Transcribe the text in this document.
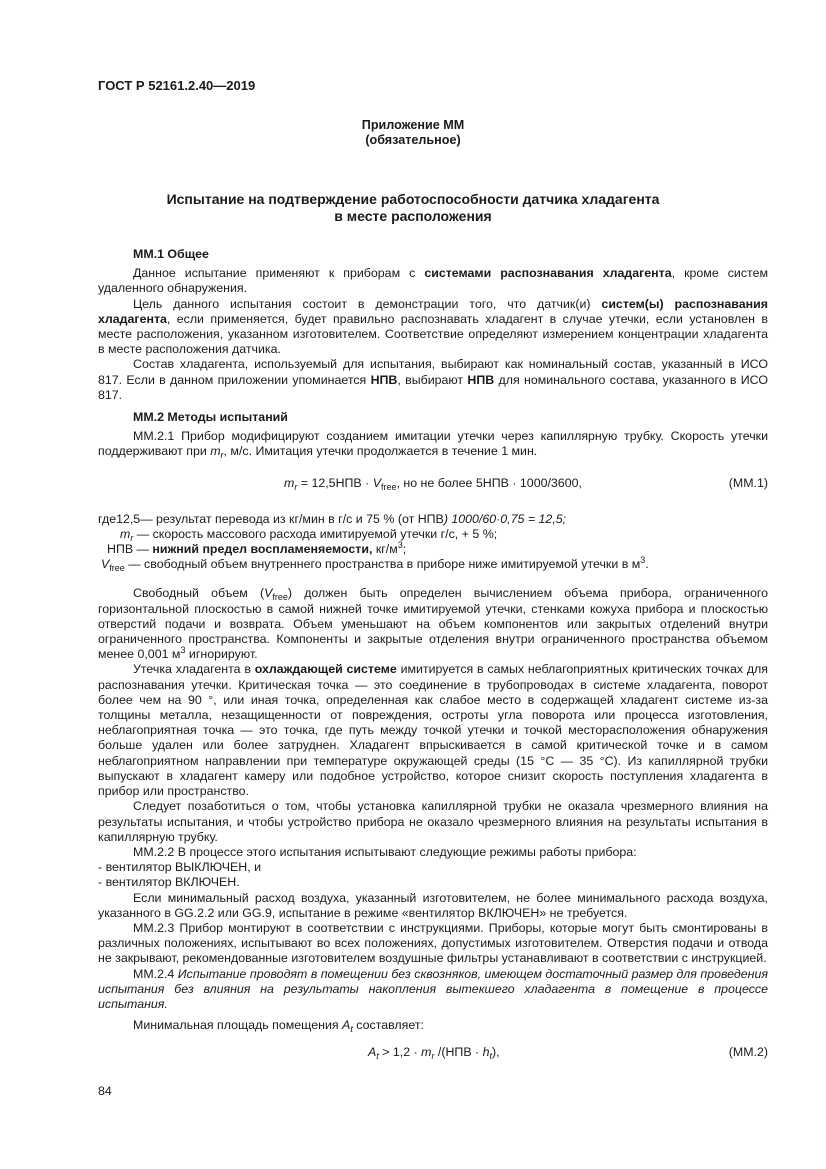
ГОСТ Р 52161.2.40—2019
Приложение ММ
(обязательное)
Испытание на подтверждение работоспособности датчика хладагента
в месте расположения

ММ.1 Общее

Данное испытание применяют к приборам с системами распознавания хладагента, кроме систем удаленного обнаружения.

Цель данного испытания состоит в демонстрации того, что датчик(и) систем(ы) распознавания хладагента, если применяется, будет правильно распознавать хладагент в случае утечки, если установлен в месте расположения, указанном изготовителем. Соответствие определяют измерением концентрации хладагента в месте расположения датчика.

Состав хладагента, используемый для испытания, выбирают как номинальный состав, указанный в ИСО 817. Если в данном приложении упоминается НПВ, выбирают НПВ для номинального состава, указанного в ИСО 817.

ММ.2 Методы испытаний

ММ.2.1 Прибор модифицируют созданием имитации утечки через капиллярную трубку. Скорость утечки поддерживают при $m_r$, м/с. Имитация утечки продолжается в течение 1 мин.

$m_r = 12,5НПВ \cdot V_{free}$, но не более 5НПВ · 1000/3600,	(ММ.1)

где12,5— результат перевода из кг/мин в г/с и 75 % (от НПВ) 1000/60·0,75 = 12,5;

$m_r$ — скорость массового расхода имитируемой утечки г/с, + 5 %;

НПВ — нижний предел воспламеняемости, $кг/м^3$;

$V_{free}$ — свободный объем внутреннего пространства в приборе ниже имитируемой утечки в $м^3$.

Свободный объем $(V_{free})$ должен быть определен вычислением объема прибора, ограниченного горизонтальной плоскостью в самой нижней точке имитируемой утечки, стенками кожуха прибора и плоскостью отверстий подачи и возврата. Объем уменьшают на объем компонентов или закрытых отделений внутри ограниченного пространства. Компоненты и закрытые отделения внутри ограниченного пространства объемом менее 0,001 $м^3$ игнорируют.

Утечка хладагента в охлаждающей системе имитируется в самых неблагоприятных критических точках для распознавания утечки. Критическая точка — это соединение в трубопроводах в системе хладагента, поворот более чем на 90 °, или иная точка, определенная как слабое место в содержащей хладагент системе из-за толщины металла, незащищенности от повреждения, остроты угла поворота или процесса изготовления, неблагоприятная точка — это точка, где путь между точкой утечки и точкой месторасположения обнаружения больше удален или более затруднен. Хладагент впрыскивается в самой критической точке и в самом неблагоприятном направлении при температуре окружающей среды (15 °С — 35 °С). Из капиллярной трубки выпускают в хладагент камеру или подобное устройство, которое снизит скорость поступления хладагента в прибор или пространство.

Следует позаботиться о том, чтобы установка капиллярной трубки не оказала чрезмерного влияния на результаты испытания, и чтобы устройство прибора не оказало чрезмерного влияния на результаты испытания в капиллярную трубку.

ММ.2.2 В процессе этого испытания испытывают следующие режимы работы прибора:

- вентилятор ВЫКЛЮЧЕН, и

- вентилятор ВКЛЮЧЕН.

Если минимальный расход воздуха, указанный изготовителем, не более минимального расхода воздуха, указанного в GG.2.2 или GG.9, испытание в режиме «вентилятор ВКЛЮЧЕН» не требуется.

ММ.2.3 Прибор монтируют в соответствии с инструкциями. Приборы, которые могут быть смонтированы в различных положениях, испытывают во всех положениях, допустимых изготовителем. Отверстия подачи и отвода не закрывают, рекомендованные изготовителем воздушные фильтры устанавливают в соответствии с инструкцией.

ММ.2.4 Испытание проводят в помещении без сквозняков, имеющем достаточный размер для проведения испытания без влияния на результаты накопления вытекшего хладагента в помещение в процессе испытания.

Минимальная площадь помещения $A_t$ составляет:

$A_t > 1,2 \cdot m_r$ $/(НПВ \cdot h_t)$,	(ММ.2)
84
